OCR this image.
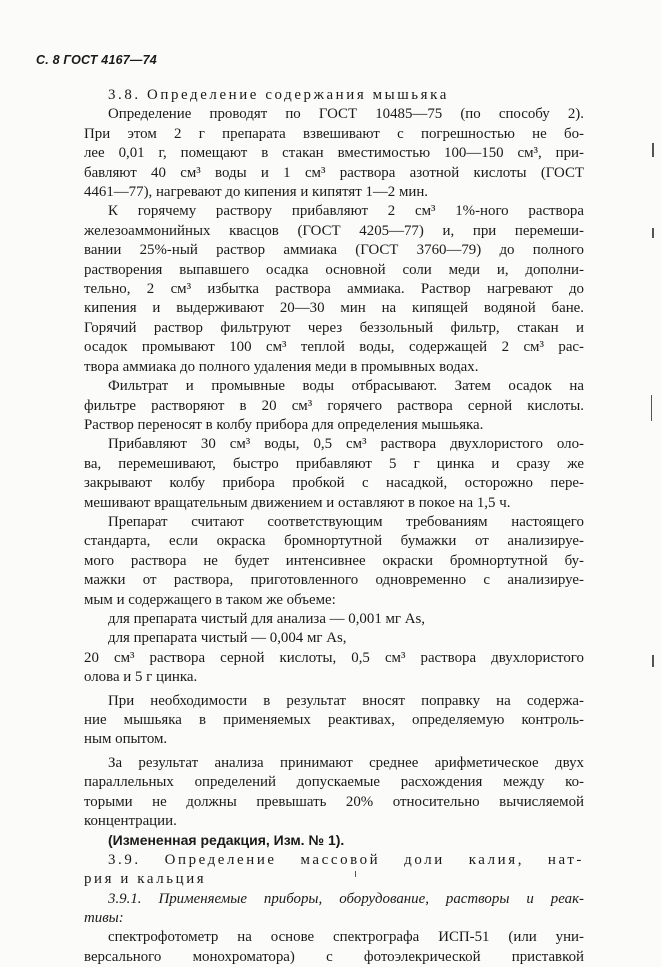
С. 8 ГОСТ 4167—74
3.8. Определение содержания мышьяка
Определение проводят по ГОСТ 10485—75 (по способу 2).
При этом 2 г препарата взвешивают с погрешностью не бо-
лее 0,01 г, помещают в стакан вместимостью 100—150 см³, при-
бавляют 40 см³ воды и 1 см³ раствора азотной кислоты (ГОСТ
4461—77), нагревают до кипения и кипятят 1—2 мин.
К горячему раствору прибавляют 2 см³ 1%-ного раствора
железоаммонийных квасцов (ГОСТ 4205—77) и, при перемеши-
вании 25%-ный раствор аммиака (ГОСТ 3760—79) до полного
растворения выпавшего осадка основной соли меди и, дополни-
тельно, 2 см³ избытка раствора аммиака. Раствор нагревают до
кипения и выдерживают 20—30 мин на кипящей водяной бане.
Горячий раствор фильтруют через беззольный фильтр, стакан и
осадок промывают 100 см³ теплой воды, содержащей 2 см³ рас-
твора аммиака до полного удаления меди в промывных водах.
Фильтрат и промывные воды отбрасывают. Затем осадок на
фильтре растворяют в 20 см³ горячего раствора серной кислоты.
Раствор переносят в колбу прибора для определения мышьяка.
Прибавляют 30 см³ воды, 0,5 см³ раствора двухлористого оло-
ва, перемешивают, быстро прибавляют 5 г цинка и сразу же
закрывают колбу прибора пробкой с насадкой, осторожно пере-
мешивают вращательным движением и оставляют в покое на 1,5 ч.
Препарат считают соответствующим требованиям настоящего
стандарта, если окраска бромнортутной бумажки от анализируе-
мого раствора не будет интенсивнее окраски бромнортутной бу-
мажки от раствора, приготовленного одновременно с анализируе-
мым и содержащего в таком же объеме:
для препарата чистый для анализа — 0,001 мг As,
для препарата чистый — 0,004 мг As,
20 см³ раствора серной кислоты, 0,5 см³ раствора двухлористого
олова и 5 г цинка.
При необходимости в результат вносят поправку на содержа-
ние мышьяка в применяемых реактивах, определяемую контроль-
ным опытом.
За результат анализа принимают среднее арифметическое двух
параллельных определений допускаемые расхождения между ко-
торыми не должны превышать 20% относительно вычисляемой
концентрации.
(Измененная редакция, Изм. № 1).
3.9. Определение массовой доли калия, нат-
рия и кальция
3.9.1. Применяемые приборы, оборудование, растворы и реак-
тивы:
спектрофотометр на основе спектрографа ИСП-51 (или уни-
версального монохроматора) с фотоэлекрической приставкой
